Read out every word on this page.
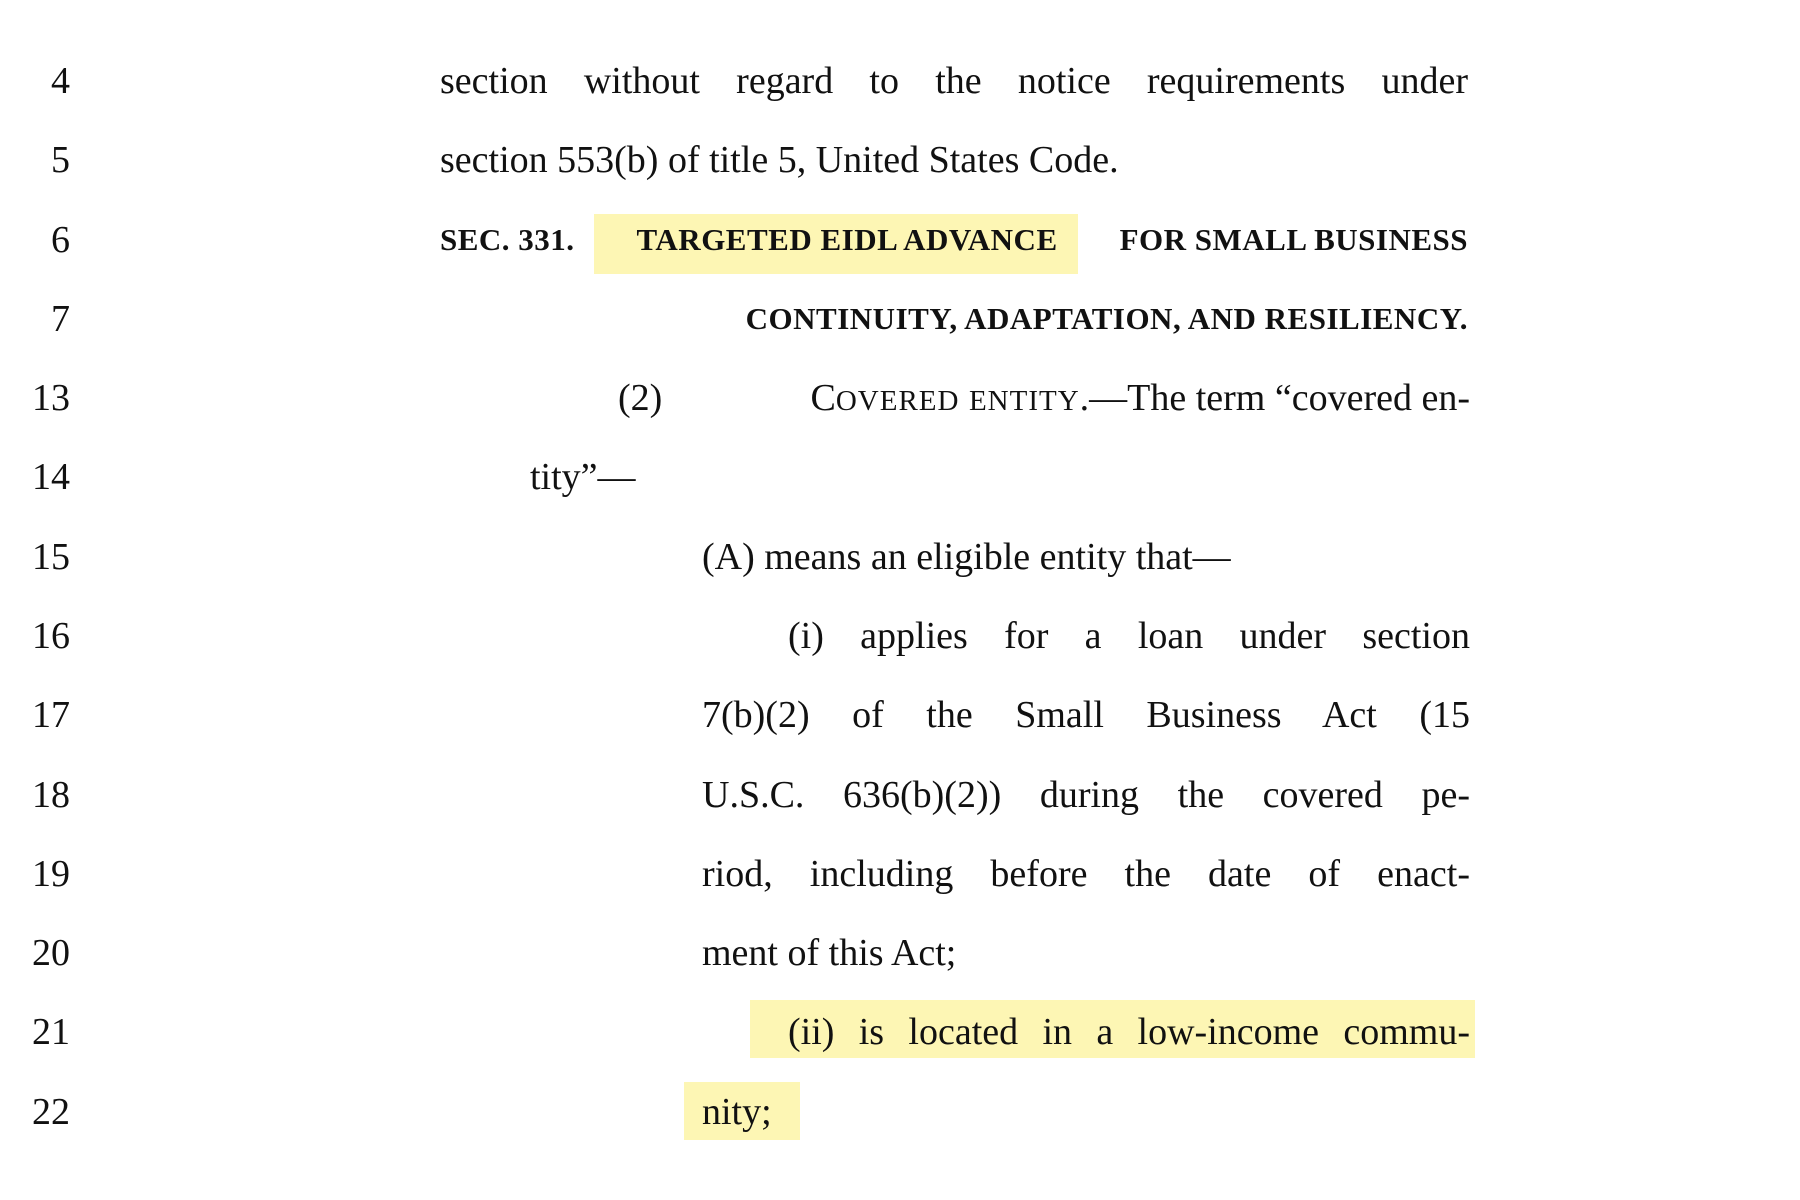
4	section without regard to the notice requirements under
5	section 553(b) of title 5, United States Code.
6	SEC. 331. TARGETED EIDL ADVANCE FOR SMALL BUSINESS
7	CONTINUITY, ADAPTATION, AND RESILIENCY.
13	(2)	COVERED ENTITY.—The term “covered en-
14	tity”—
15	(A) means an eligible entity that—
16	(i) applies for a loan under section
17	7(b)(2) of the Small Business Act (15
18	U.S.C. 636(b)(2)) during the covered pe-
19	riod, including before the date of enact-
20	ment of this Act;
21	(ii) is located in a low-income commu-
22	nity;
